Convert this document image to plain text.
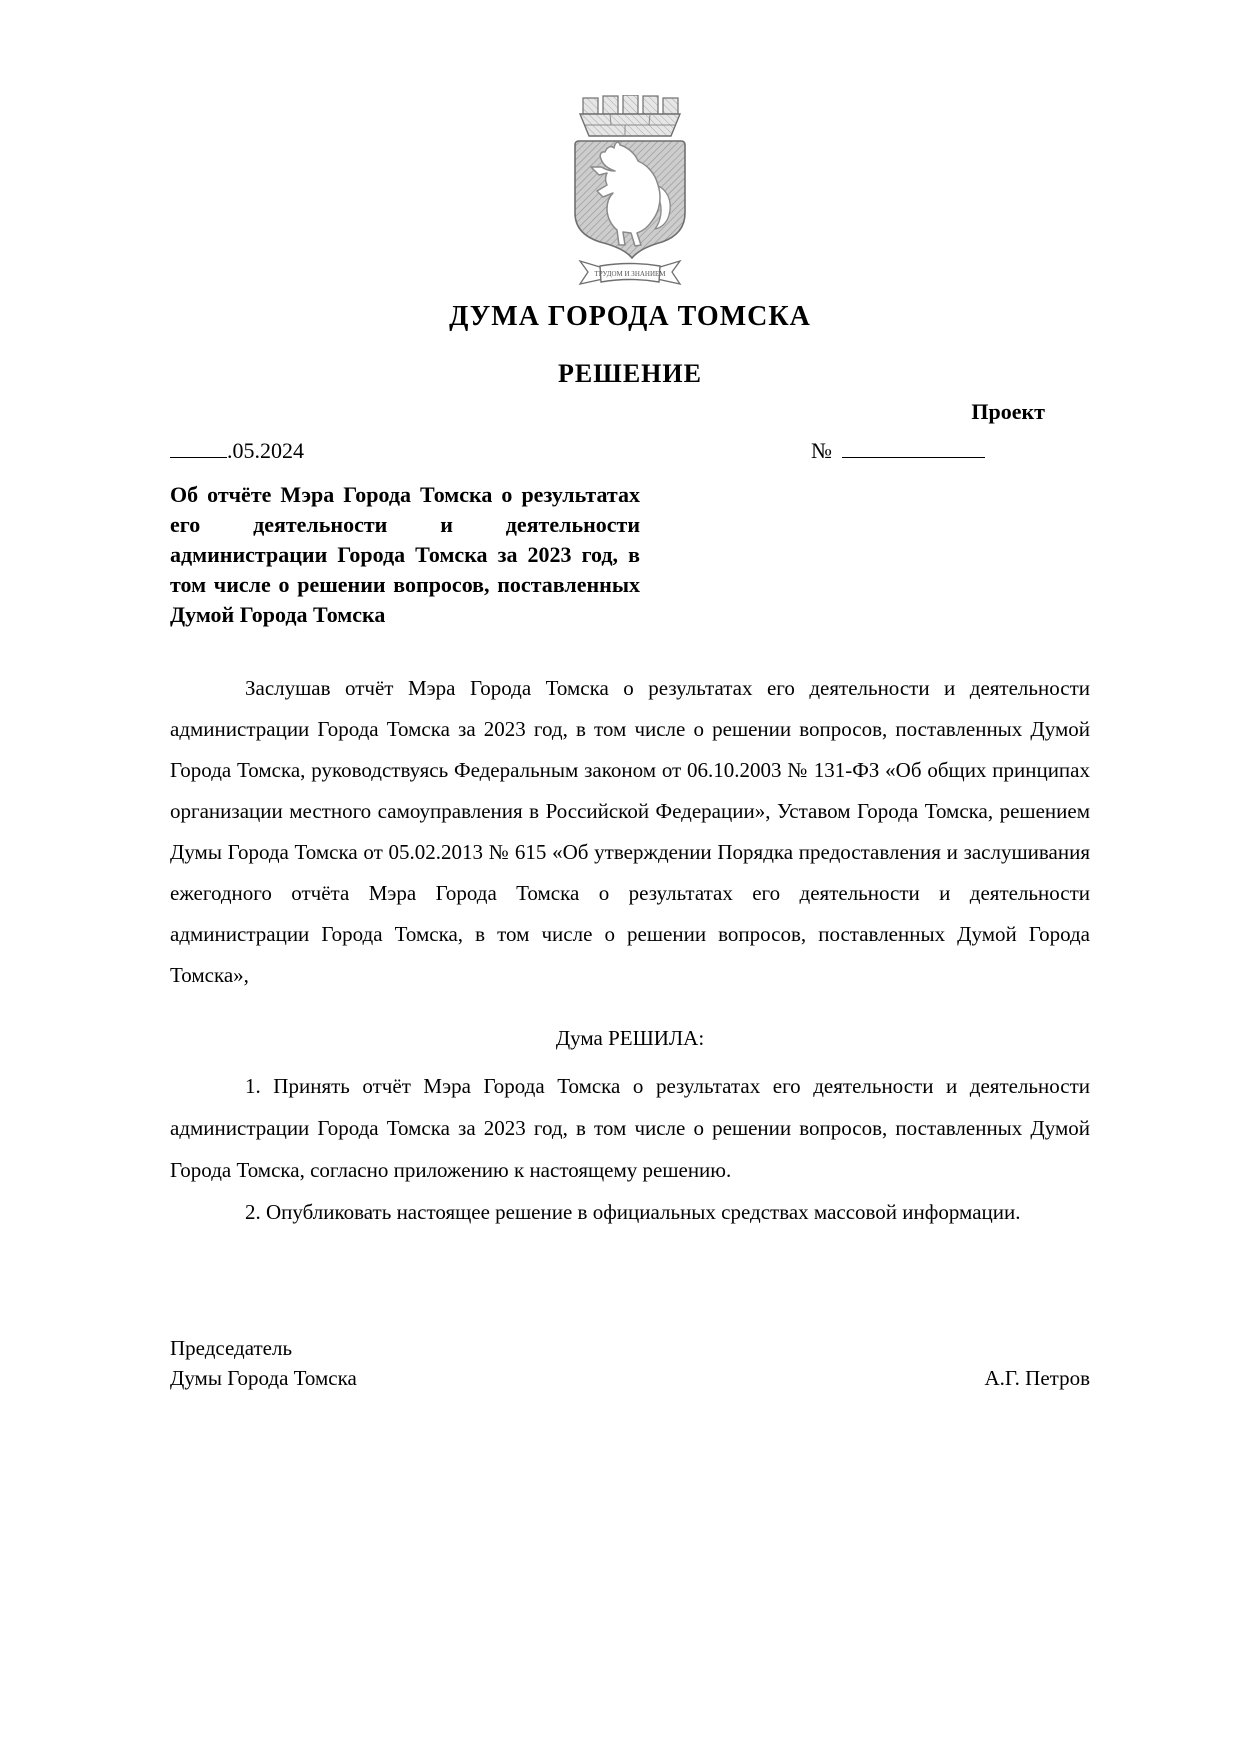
ТРУДОМ И ЗНАНИЕМ
ДУМА ГОРОДА ТОМСКА
РЕШЕНИЕ
Проект
.05.2024	№
Об отчёте Мэра Города Томска о результатах его деятельности и деятельности администрации Города Томска за 2023 год, в том числе о решении вопросов, поставленных Думой Города Томска

Заслушав отчёт Мэра Города Томска о результатах его деятельности и деятельности администрации Города Томска за 2023 год, в том числе о решении вопросов, поставленных Думой Города Томска, руководствуясь Федеральным законом от 06.10.2003 № 131-ФЗ «Об общих принципах организации местного самоуправления в Российской Федерации», Уставом Города Томска, решением Думы Города Томска от 05.02.2013 № 615 «Об утверждении Порядка предоставления и заслушивания ежегодного отчёта Мэра Города Томска о результатах его деятельности и деятельности администрации Города Томска, в том числе о решении вопросов, поставленных Думой Города Томска»,

Дума РЕШИЛА:

1. Принять отчёт Мэра Города Томска о результатах его деятельности и деятельности администрации Города Томска за 2023 год, в том числе о решении вопросов, поставленных Думой Города Томска, согласно приложению к настоящему решению.

2. Опубликовать настоящее решение в официальных средствах массовой информации.

Председатель
Думы Города Томска	А.Г. Петров
